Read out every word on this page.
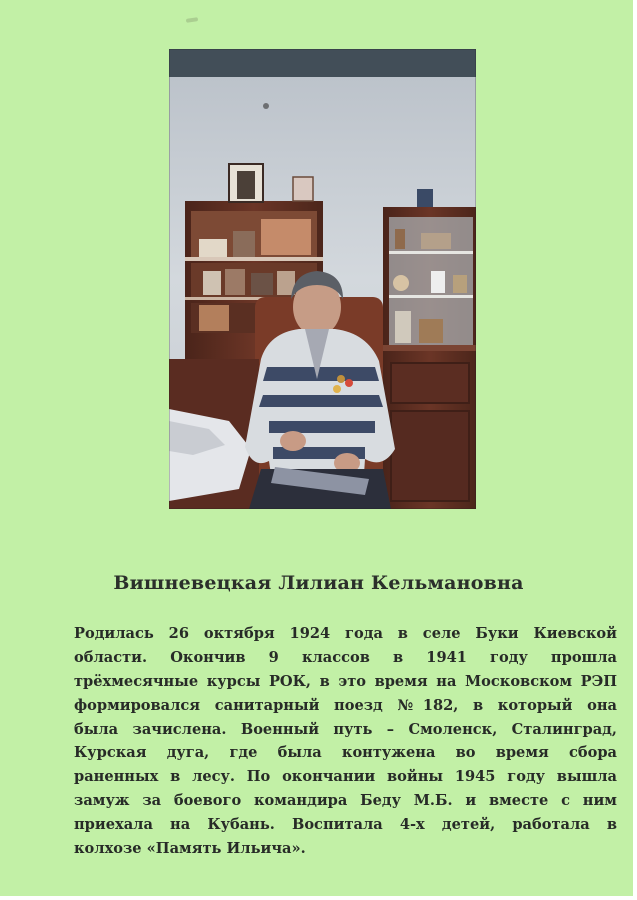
Вишневецкая Лилиан Кельмановна
Родилась 26 октября 1924 года в селе Буки Киевской
области. Окончив 9 классов в 1941 году прошла
трёхмесячные курсы РОК, в это время на Московском РЭП
формировался санитарный поезд №182, в который она
была зачислена. Военный путь – Смоленск, Сталинград,
Курская дуга, где была контужена во время сбора
раненных в лесу. По окончании войны 1945 году вышла
замуж за боевого командира Беду М.Б. и вместе с ним
приехала на Кубань. Воспитала 4-х детей, работала в
колхозе «Память Ильича».
